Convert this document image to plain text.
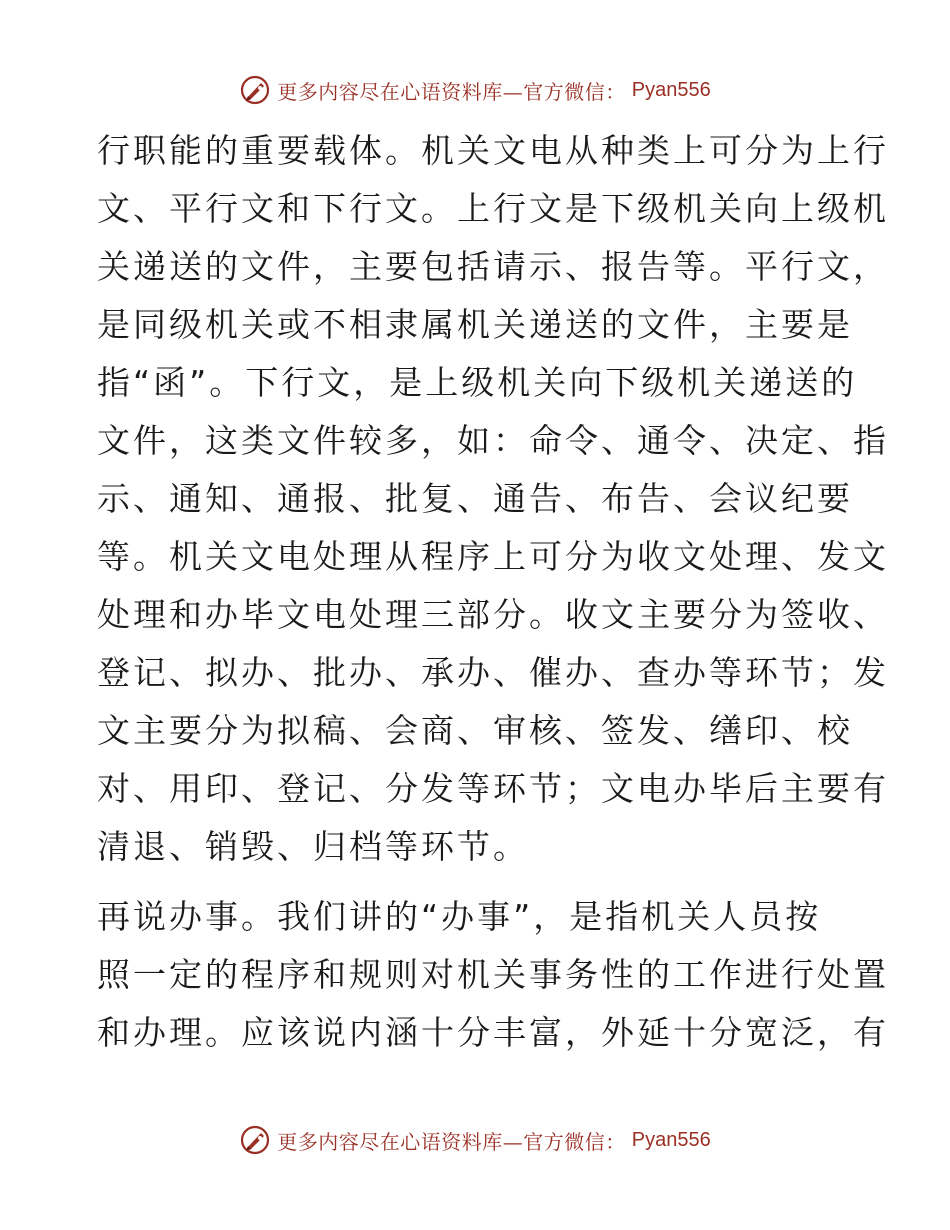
更多内容尽在心语资料库—官方微信： Pyan556
行职能的重要载体。机关文电从种类上可分为上行
文、平行文和下行文。上行文是下级机关向上级机
关递送的文件，主要包括请示、报告等。平行文，
是同级机关或不相隶属机关递送的文件，主要是
指“函”。下行文，是上级机关向下级机关递送的
文件，这类文件较多，如：命令、通令、决定、指
示、通知、通报、批复、通告、布告、会议纪要
等。机关文电处理从程序上可分为收文处理、发文
处理和办毕文电处理三部分。收文主要分为签收、
登记、拟办、批办、承办、催办、查办等环节；发
文主要分为拟稿、会商、审核、签发、缮印、校
对、用印、登记、分发等环节；文电办毕后主要有
清退、销毁、归档等环节。
再说办事。我们讲的“办事”，是指机关人员按
照一定的程序和规则对机关事务性的工作进行处置
和办理。应该说内涵十分丰富，外延十分宽泛，有
更多内容尽在心语资料库—官方微信： Pyan556
